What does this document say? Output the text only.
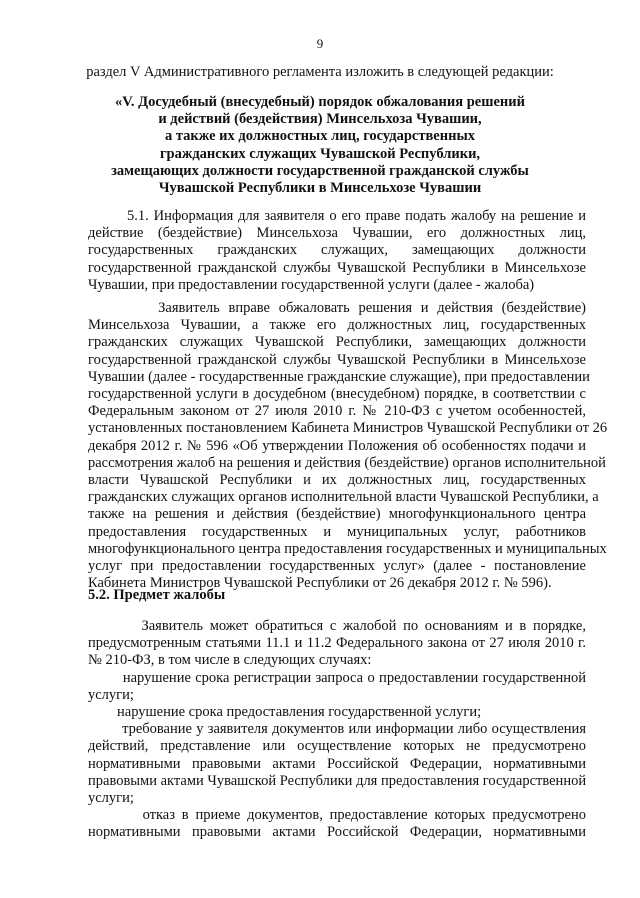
9
раздел V Административного регламента изложить в следующей редакции:
«V. Досудебный (внесудебный) порядок обжалования решений
и действий (бездействия) Минсельхоза Чувашии,
а также их должностных лиц, государственных
гражданских служащих Чувашской Республики,
замещающих должности государственной гражданской службы
Чувашской Республики в Минсельхозе Чувашии
5.1. Информация для заявителя о его праве подать жалобу на решение и
действие (бездействие) Минсельхоза Чувашии, его должностных лиц,
государственных гражданских служащих, замещающих должности
государственной гражданской службы Чувашской Республики в Минсельхозе
Чувашии, при предоставлении государственной услуги (далее - жалоба)
Заявитель вправе обжаловать решения и действия (бездействие)
Минсельхоза Чувашии, а также его должностных лиц, государственных
гражданских служащих Чувашской Республики, замещающих должности
государственной гражданской службы Чувашской Республики в Минсельхозе
Чувашии (далее - государственные гражданские служащие), при предоставлении
государственной услуги в досудебном (внесудебном) порядке, в соответствии с
Федеральным законом от 27 июля 2010 г. № 210-ФЗ с учетом особенностей,
установленных постановлением Кабинета Министров Чувашской Республики от 26
декабря 2012 г. № 596 «Об утверждении Положения об особенностях подачи и
рассмотрения жалоб на решения и действия (бездействие) органов исполнительной
власти Чувашской Республики и их должностных лиц, государственных
гражданских служащих органов исполнительной власти Чувашской Республики, а
также на решения и действия (бездействие) многофункционального центра
предоставления государственных и муниципальных услуг, работников
многофункционального центра предоставления государственных и муниципальных
услуг при предоставлении государственных услуг» (далее - постановление
Кабинета Министров Чувашской Республики от 26 декабря 2012 г. № 596).
5.2. Предмет жалобы
Заявитель может обратиться с жалобой по основаниям и в порядке,
предусмотренным статьями 11.1 и 11.2 Федерального закона от 27 июля 2010 г.
№ 210-ФЗ, в том числе в следующих случаях:
нарушение срока регистрации запроса о предоставлении государственной
услуги;
нарушение срока предоставления государственной услуги;
требование у заявителя документов или информации либо осуществления
действий, представление или осуществление которых не предусмотрено
нормативными правовыми актами Российской Федерации, нормативными
правовыми актами Чувашской Республики для предоставления государственной
услуги;
отказ в приеме документов, предоставление которых предусмотрено
нормативными правовыми актами Российской Федерации, нормативными
